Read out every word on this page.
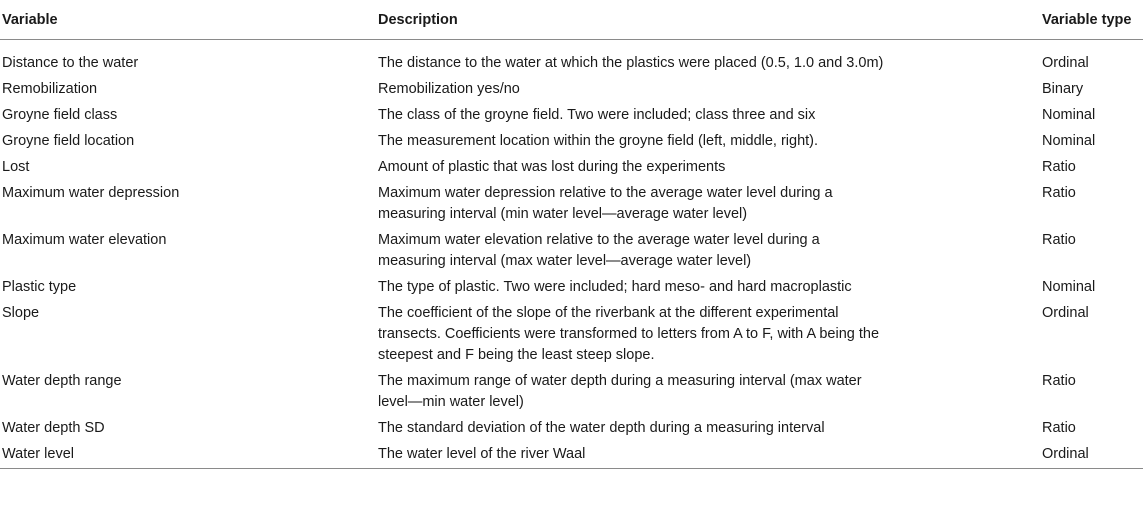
Variable	Description	Variable type
Distance to the water	The distance to the water at which the plastics were placed (0.5, 1.0 and 3.0m)	Ordinal
Remobilization	Remobilization yes/no	Binary
Groyne field class	The class of the groyne field. Two were included; class three and six	Nominal
Groyne field location	The measurement location within the groyne field (left, middle, right).	Nominal
Lost	Amount of plastic that was lost during the experiments	Ratio
Maximum water depression	Maximum water depression relative to the average water level during a measuring interval (min water level—average water level)	Ratio
Maximum water elevation	Maximum water elevation relative to the average water level during a measuring interval (max water level—average water level)	Ratio
Plastic type	The type of plastic. Two were included; hard meso- and hard macroplastic	Nominal
Slope	The coefficient of the slope of the riverbank at the different experimental transects. Coefficients were transformed to letters from A to F, with A being the steepest and F being the least steep slope.	Ordinal
Water depth range	The maximum range of water depth during a measuring interval (max water level—min water level)	Ratio
Water depth SD	The standard deviation of the water depth during a measuring interval	Ratio
Water level	The water level of the river Waal	Ordinal
